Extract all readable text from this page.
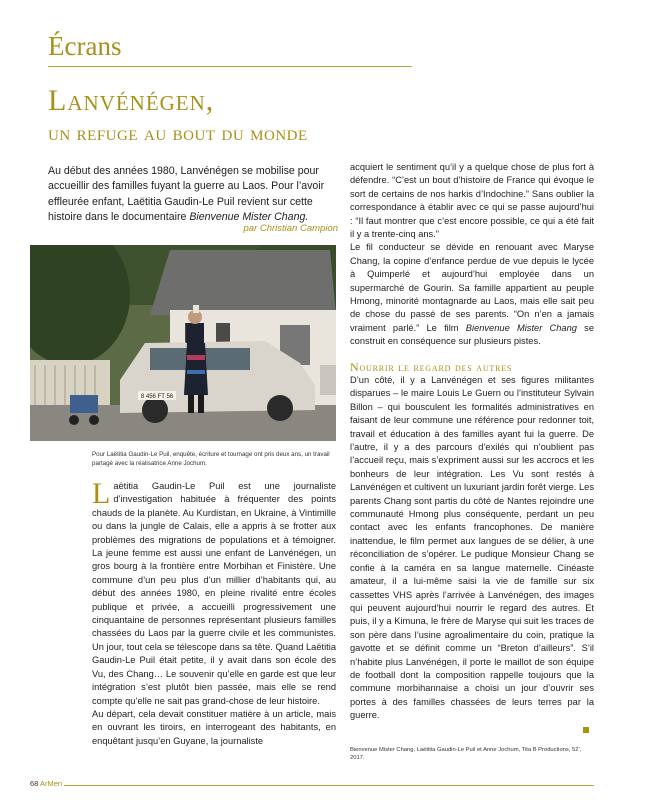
Écrans
Lanvénégen,
un refuge au bout du monde
Au début des années 1980, Lanvénégen se mobilise pour accueillir des familles fuyant la guerre au Laos. Pour l’avoir effleurée enfant, Laëtitia Gaudin-Le Puil revient sur cette histoire dans le documentaire Bienvenue Mister Chang.
par Christian Campion
8 456 FT 56
Pour Laëtitia Gaudin-Le Puil, enquête, écriture et tournage ont pris deux ans, un travail partagé avec la réalisatrice Anne Jochum.

Laëtitia Gaudin-Le Puil est une journaliste d’investigation habituée à fréquenter des points chauds de la planète. Au Kurdistan, en Ukraine, à Vintimille ou dans la jungle de Calais, elle a appris à se frotter aux problèmes des migrations de populations et à témoigner. La jeune femme est aussi une enfant de Lanvénégen, un gros bourg à la frontière entre Morbihan et Finistère. Une commune d’un peu plus d’un millier d’habitants qui, au début des années 1980, en pleine rivalité entre écoles publique et privée, a accueilli progressivement une cinquantaine de personnes représentant plusieurs familles chassées du Laos par la guerre civile et les communistes. Un jour, tout cela se télescope dans sa tête. Quand Laëtitia Gaudin-Le Puil était petite, il y avait dans son école des Vu, des Chang… Le souvenir qu’elle en garde est que leur intégration s’est plutôt bien passée, mais elle se rend compte qu’elle ne sait pas grand-chose de leur histoire.

Au départ, cela devait constituer matière à un article, mais en ouvrant les tiroirs, en interrogeant des habitants, en enquêtant jusqu’en Guyane, la journaliste

acquiert le sentiment qu’il y a quelque chose de plus fort à défendre. “C’est un bout d’histoire de France qui évoque le sort de certains de nos harkis d’Indochine.” Sans oublier la correspondance à établir avec ce qui se passe aujourd’hui : “Il faut montrer que c’est encore possible, ce qui a été fait il y a trente-cinq ans.”

Le fil conducteur se dévide en renouant avec Maryse Chang, la copine d’enfance perdue de vue depuis le lycée à Quimperlé et aujourd’hui employée dans un supermarché de Gourin. Sa famille appartient au peuple Hmong, minorité montagnarde au Laos, mais elle sait peu de chose du passé de ses parents. “On n’en a jamais vraiment parlé.” Le film Bienvenue Mister Chang se construit en conséquence sur plusieurs pistes.

Nourrir le regard des autres

D’un côté, il y a Lanvénégen et ses figures militantes disparues – le maire Louis Le Guern ou l’instituteur Sylvain Billon – qui bousculent les formalités administratives en faisant de leur commune une référence pour redonner toit, travail et éducation à des familles ayant fui la guerre. De l’autre, il y a des parcours d’exilés qui n’oublient pas l’accueil reçu, mais s’expriment aussi sur les accrocs et les bonheurs de leur intégration. Les Vu sont restés à Lanvénégen et cultivent un luxuriant jardin forêt vierge. Les parents Chang sont partis du côté de Nantes rejoindre une communauté Hmong plus conséquente, perdant un peu contact avec les enfants francophones. De manière inattendue, le film permet aux langues de se délier, à une réconciliation de s’opérer. Le pudique Monsieur Chang se confie à la caméra en sa langue maternelle. Cinéaste amateur, il a lui-même saisi la vie de famille sur six cassettes VHS après l’arrivée à Lanvénégen, des images qui peuvent aujourd’hui nourrir le regard des autres. Et puis, il y a Kimuna, le frère de Maryse qui suit les traces de son père dans l’usine agroalimentaire du coin, pratique la gavotte et se définit comme un “Breton d’ailleurs”. S’il n’habite plus Lanvénégen, il porte le maillot de son équipe de football dont la composition rappelle toujours que la commune morbihannaise a choisi un jour d’ouvrir ses portes à des familles chassées de leurs terres par la guerre.

Bienvenue Mister Chang, Laëtitia Gaudin-Le Puil et Anne Jochum, Tita B Productions, 52’, 2017.
68 ArMen
